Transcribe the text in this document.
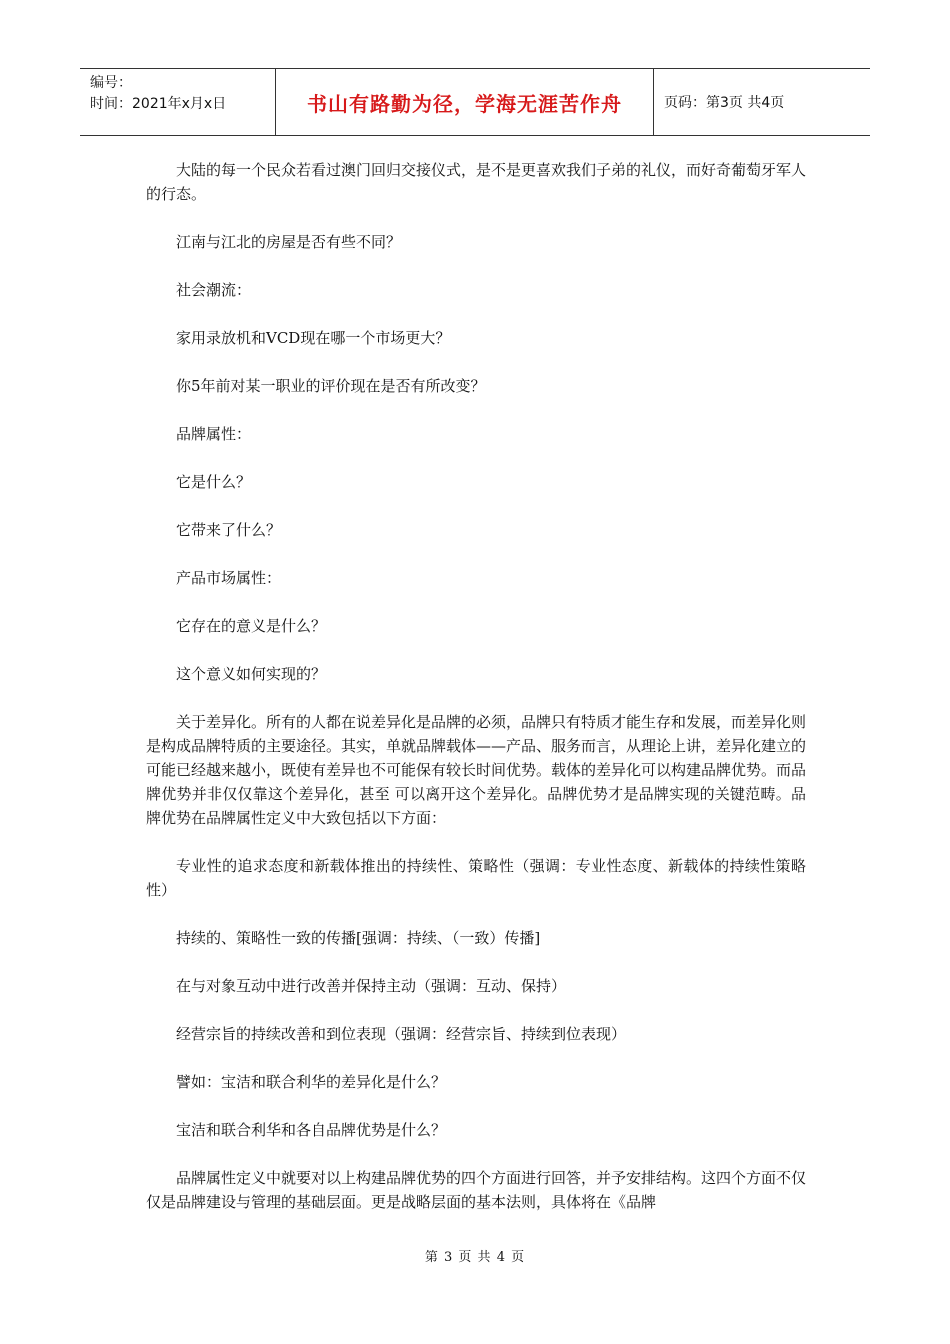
编号：
时间：2021年x月x日	书山有路勤为径，学海无涯苦作舟	页码：第3页 共4页

大陆的每一个民众若看过澳门回归交接仪式，是不是更喜欢我们子弟的礼仪，而好奇葡萄牙军人的行态。

江南与江北的房屋是否有些不同？

社会潮流：

家用录放机和VCD现在哪一个市场更大？

你5年前对某一职业的评价现在是否有所改变？

品牌属性：

它是什么？

它带来了什么？

产品市场属性：

它存在的意义是什么？

这个意义如何实现的？

关于差异化。所有的人都在说差异化是品牌的必须，品牌只有特质才能生存和发展，而差异化则是构成品牌特质的主要途径。其实，单就品牌载体——产品、服务而言，从理论上讲，差异化建立的可能已经越来越小，既使有差异也不可能保有较长时间优势。载体的差异化可以构建品牌优势。而品牌优势并非仅仅靠这个差异化，甚至 可以离开这个差异化。品牌优势才是品牌实现的关键范畴。品牌优势在品牌属性定义中大致包括以下方面：

专业性的追求态度和新载体推出的持续性、策略性（强调：专业性态度、新载体的持续性策略性）

持续的、策略性一致的传播[强调：持续、（一致）传播]

在与对象互动中进行改善并保持主动（强调：互动、保持）

经营宗旨的持续改善和到位表现（强调：经营宗旨、持续到位表现）

譬如：宝洁和联合利华的差异化是什么？

宝洁和联合利华和各自品牌优势是什么？

品牌属性定义中就要对以上构建品牌优势的四个方面进行回答，并予安排结构。这四个方面不仅仅是品牌建设与管理的基础层面。更是战略层面的基本法则，具体将在《品牌

第 3 页 共 4 页
